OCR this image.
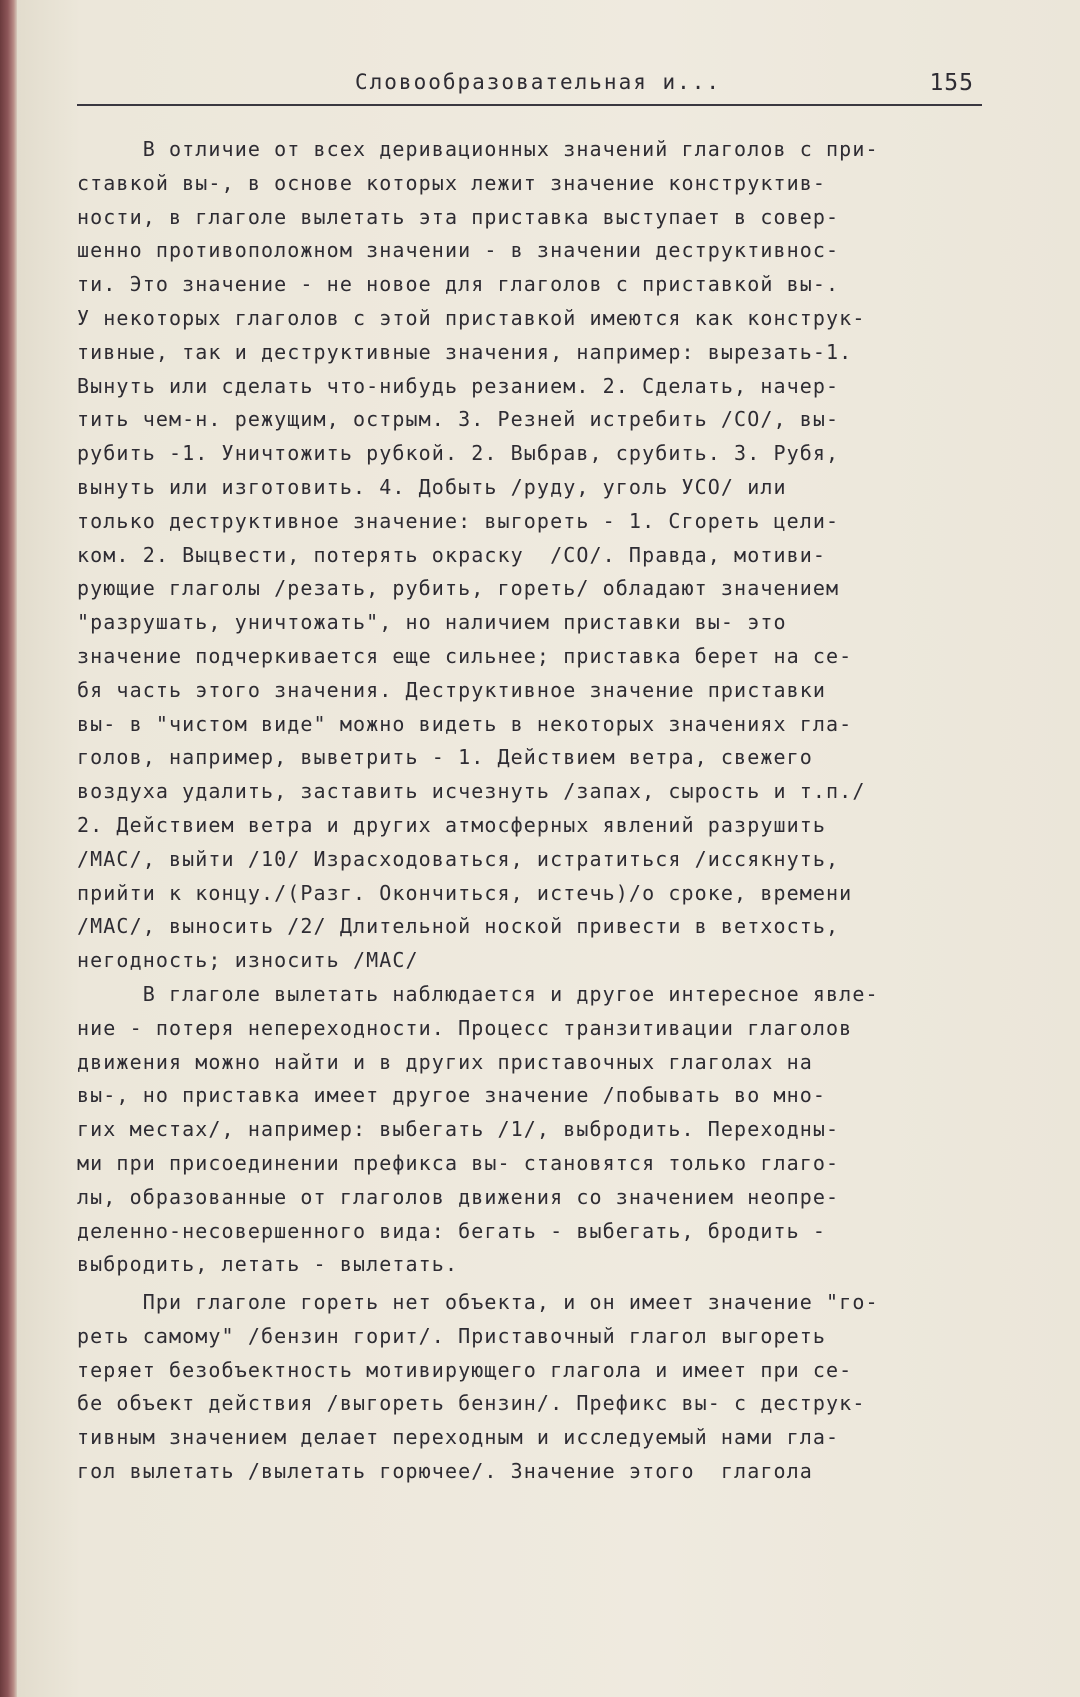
Словообразовательная и...	155
В отличие от всех деривационных значений глаголов с при-
ставкой вы-, в основе которых лежит значение конструктив-
ности, в глаголе вылетать эта приставка выступает в совер-
шенно противоположном значении - в значении деструктивнос-
ти. Это значение - не новое для глаголов с приставкой вы-.
У некоторых глаголов с этой приставкой имеются как конструк-
тивные, так и деструктивные значения, например: вырезать-1.
Вынуть или сделать что-нибудь резанием. 2. Сделать, начер-
тить чем-н. режущим, острым. 3. Резней истребить /СО/, вы-
рубить -1. Уничтожить рубкой. 2. Выбрав, срубить. 3. Рубя,
вынуть или изготовить. 4. Добыть /руду, уголь УСО/ или
только деструктивное значение: выгореть - 1. Сгореть цели-
ком. 2. Выцвести, потерять окраску  /СО/. Правда, мотиви-
рующие глаголы /резать, рубить, гореть/ обладают значением
"разрушать, уничтожать", но наличием приставки вы- это
значение подчеркивается еще сильнее; приставка берет на се-
бя часть этого значения. Деструктивное значение приставки
вы- в "чистом виде" можно видеть в некоторых значениях гла-
голов, например, выветрить - 1. Действием ветра, свежего
воздуха удалить, заставить исчезнуть /запах, сырость и т.п./
2. Действием ветра и других атмосферных явлений разрушить
/МАС/, выйти /10/ Израсходоваться, истратиться /иссякнуть,
прийти к концу./(Разг. Окончиться, истечь)/о сроке, времени
/МАС/, выносить /2/ Длительной ноской привести в ветхость,
негодность; износить /МАС/
В глаголе вылетать наблюдается и другое интересное явле-
ние - потеря непереходности. Процесс транзитивации глаголов
движения можно найти и в других приставочных глаголах на
вы-, но приставка имеет другое значение /побывать во мно-
гих местах/, например: выбегать /1/, выбродить. Переходны-
ми при присоединении префикса вы- становятся только глаго-
лы, образованные от глаголов движения со значением неопре-
деленно-несовершенного вида: бегать - выбегать, бродить -
выбродить, летать - вылетать.
При глаголе гореть нет объекта, и он имеет значение "го-
реть самому" /бензин горит/. Приставочный глагол выгореть
теряет безобъектность мотивирующего глагола и имеет при се-
бе объект действия /выгореть бензин/. Префикс вы- с деструк-
тивным значением делает переходным и исследуемый нами гла-
гол вылетать /вылетать горючее/. Значение этого  глагола
